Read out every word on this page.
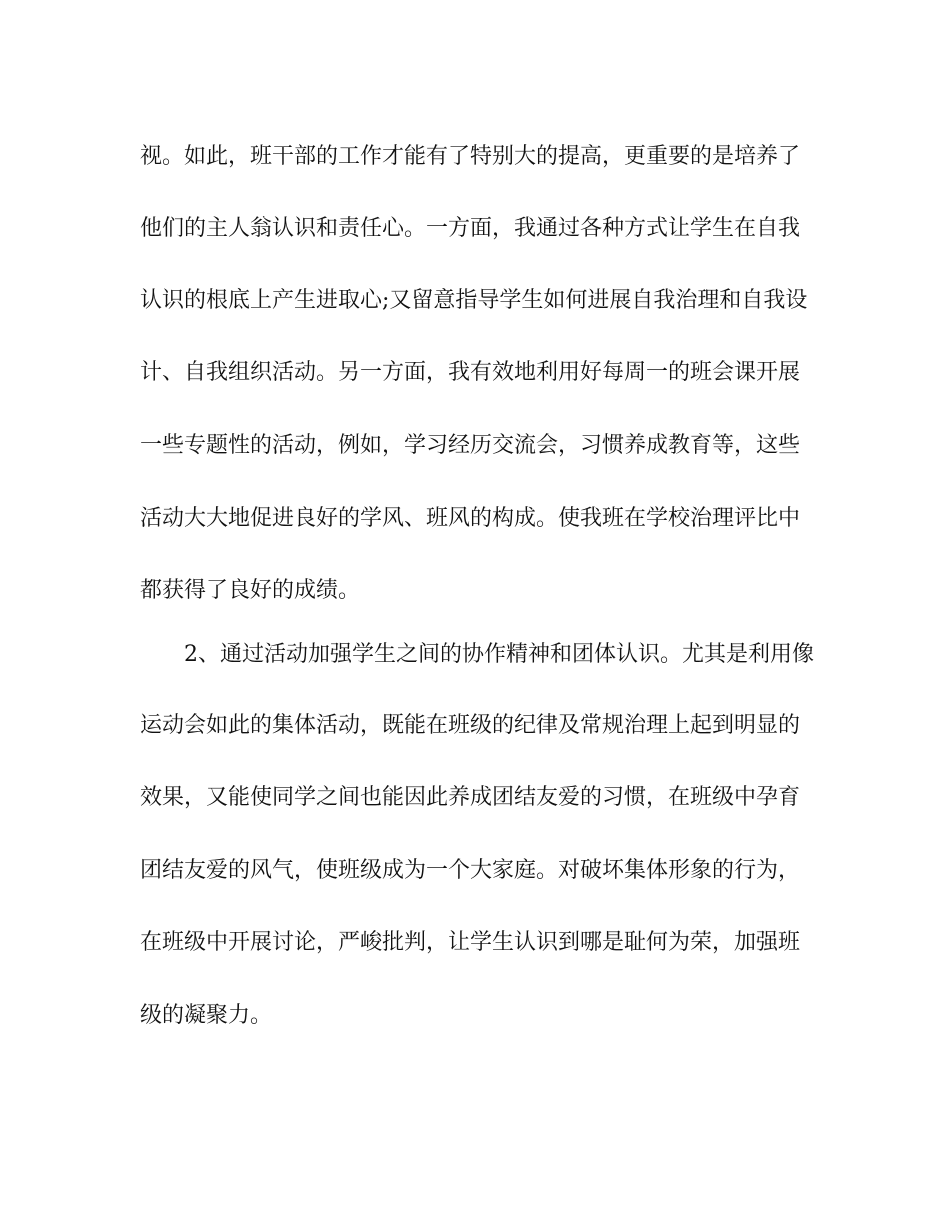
视。如此，班干部的工作才能有了特别大的提高，更重要的是培养了
他们的主人翁认识和责任心。一方面，我通过各种方式让学生在自我
认识的根底上产生进取心;又留意指导学生如何进展自我治理和自我设
计、自我组织活动。另一方面，我有效地利用好每周一的班会课开展
一些专题性的活动，例如，学习经历交流会，习惯养成教育等，这些
活动大大地促进良好的学风、班风的构成。使我班在学校治理评比中
都获得了良好的成绩。
2、通过活动加强学生之间的协作精神和团体认识。尤其是利用像
运动会如此的集体活动，既能在班级的纪律及常规治理上起到明显的
效果，又能使同学之间也能因此养成团结友爱的习惯，在班级中孕育
团结友爱的风气，使班级成为一个大家庭。对破坏集体形象的行为，
在班级中开展讨论，严峻批判，让学生认识到哪是耻何为荣，加强班
级的凝聚力。
